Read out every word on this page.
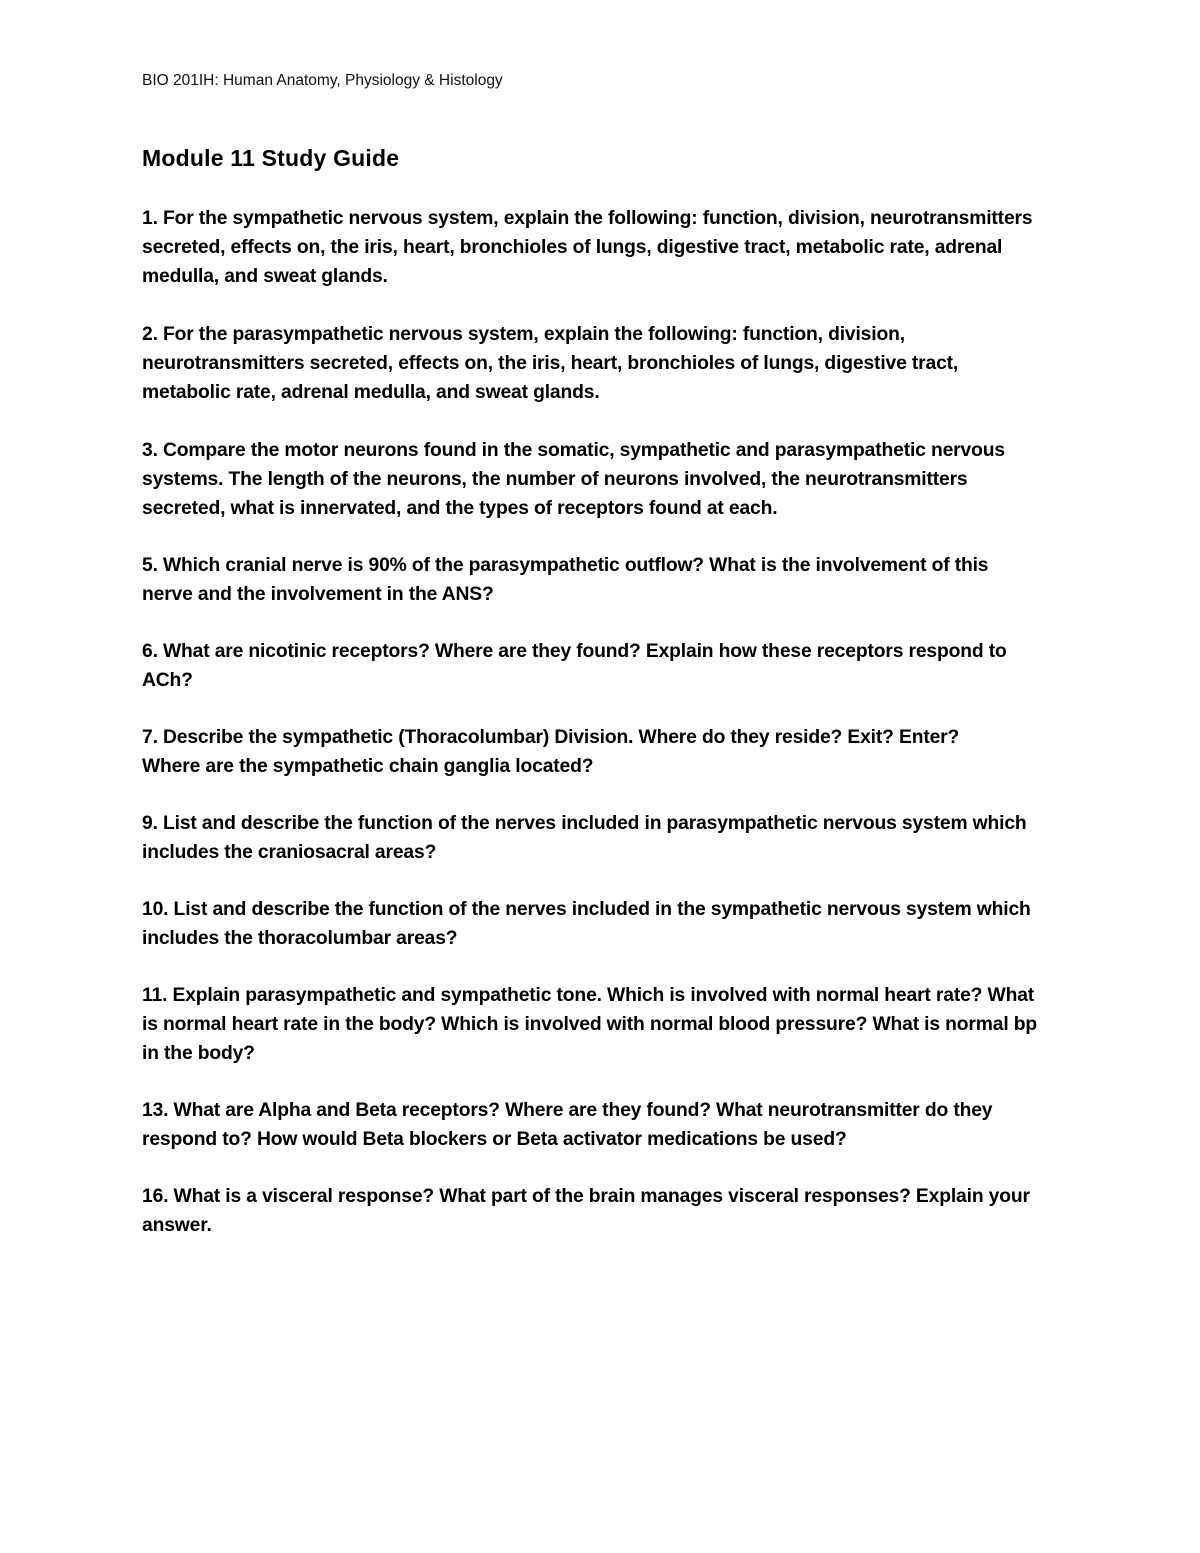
BIO 201IH: Human Anatomy, Physiology & Histology
Module 11 Study Guide

1. For the sympathetic nervous system, explain the following: function, division, neurotransmitters
secreted, effects on, the iris, heart, bronchioles of lungs, digestive tract, metabolic rate, adrenal
medulla, and sweat glands.

2. For the parasympathetic nervous system, explain the following: function, division,
neurotransmitters secreted, effects on, the iris, heart, bronchioles of lungs, digestive tract,
metabolic rate, adrenal medulla, and sweat glands.

3. Compare the motor neurons found in the somatic, sympathetic and parasympathetic nervous
systems. The length of the neurons, the number of neurons involved, the neurotransmitters
secreted, what is innervated, and the types of receptors found at each.

5. Which cranial nerve is 90% of the parasympathetic outflow? What is the involvement of this
nerve and the involvement in the ANS?

6. What are nicotinic receptors? Where are they found? Explain how these receptors respond to
ACh?

7. Describe the sympathetic (Thoracolumbar) Division. Where do they reside? Exit? Enter?
Where are the sympathetic chain ganglia located?

9. List and describe the function of the nerves included in parasympathetic nervous system which
includes the craniosacral areas?

10. List and describe the function of the nerves included in the sympathetic nervous system which
includes the thoracolumbar areas?

11. Explain parasympathetic and sympathetic tone. Which is involved with normal heart rate? What
is normal heart rate in the body? Which is involved with normal blood pressure? What is normal bp
in the body?

13. What are Alpha and Beta receptors? Where are they found? What neurotransmitter do they
respond to? How would Beta blockers or Beta activator medications be used?

16. What is a visceral response? What part of the brain manages visceral responses? Explain your
answer.
